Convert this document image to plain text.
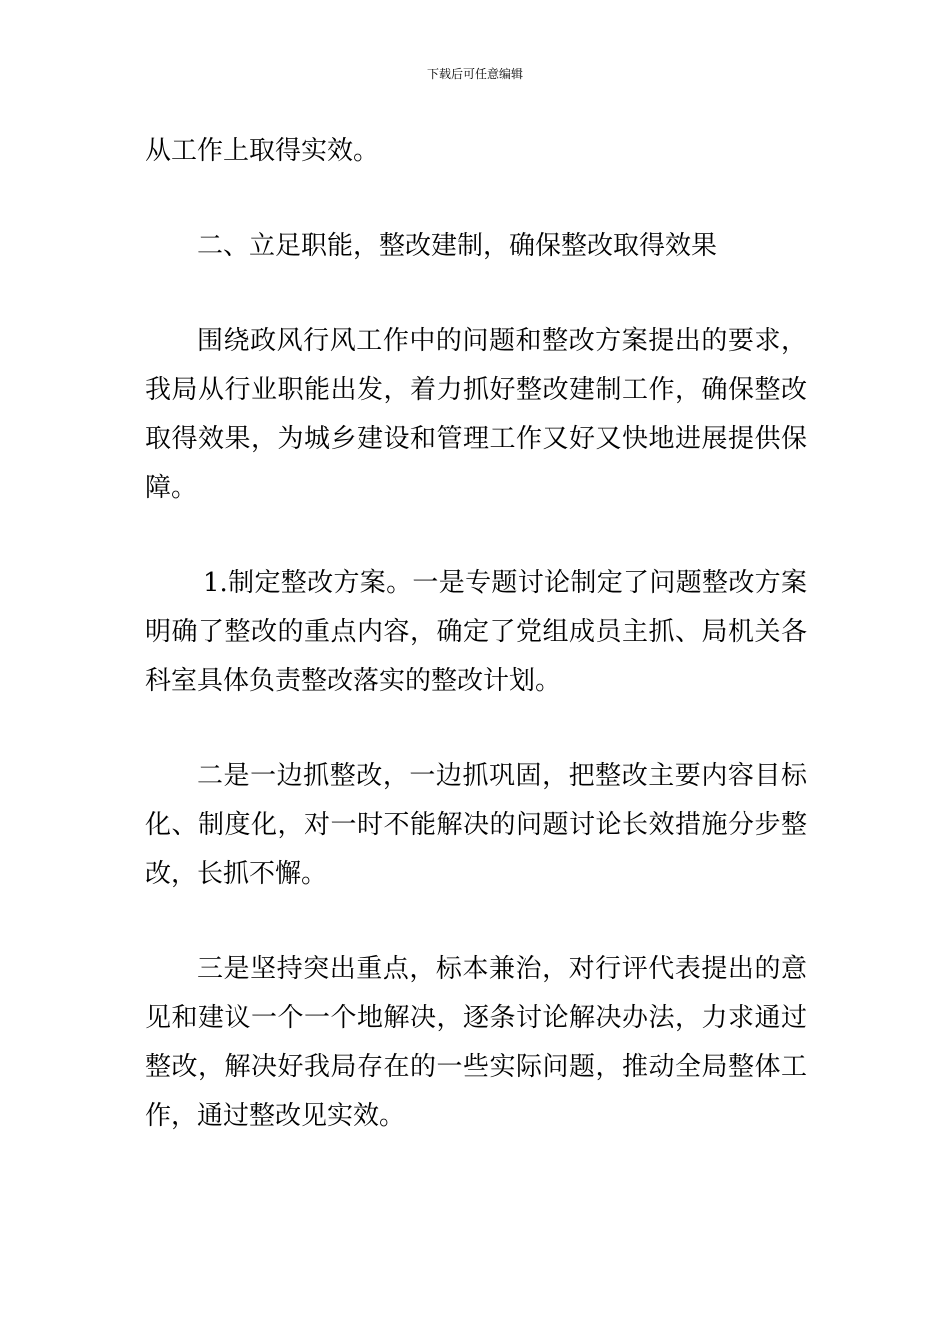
下载后可任意编辑

从工作上取得实效。

二、立足职能，整改建制，确保整改取得效果

围绕政风行风工作中的问题和整改方案提出的要求，我局从行业职能出发，着力抓好整改建制工作，确保整改取得效果，为城乡建设和管理工作又好又快地进展提供保障。

1.制定整改方案。一是专题讨论制定了问题整改方案明确了整改的重点内容，确定了党组成员主抓、局机关各科室具体负责整改落实的整改计划。

二是一边抓整改，一边抓巩固，把整改主要内容目标化、制度化，对一时不能解决的问题讨论长效措施分步整改，长抓不懈。

三是坚持突出重点，标本兼治，对行评代表提出的意见和建议一个一个地解决，逐条讨论解决办法，力求通过整改，解决好我局存在的一些实际问题，推动全局整体工作，通过整改见实效。
